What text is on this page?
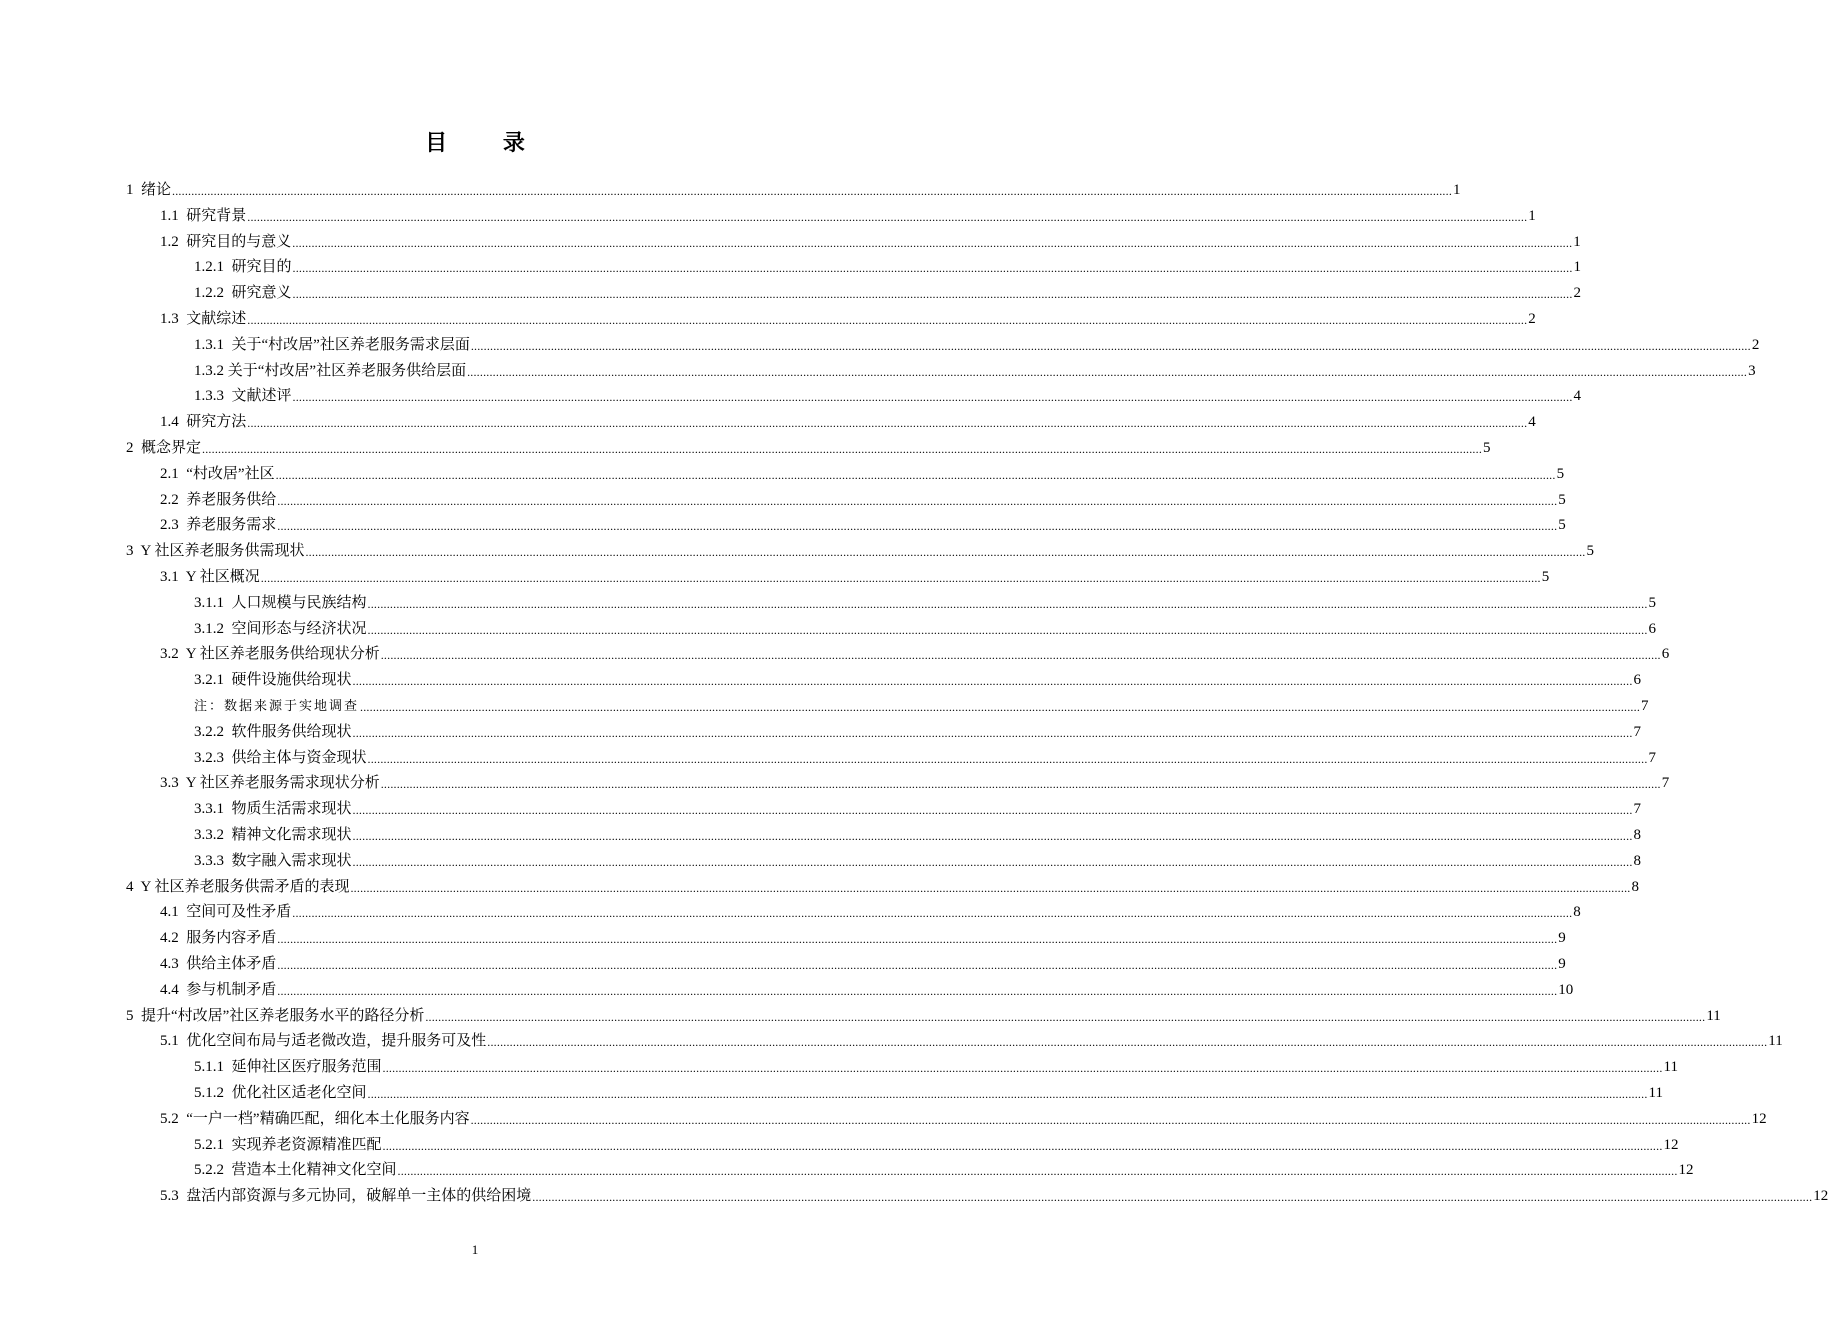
目 录
1  绪论 ................................................................................................................................................................................................................................................................................................................................................................................................................ 1
1.1  研究背景 ................................................................................................................................................................................................................................................................................................................................................................................................................ 1
1.2  研究目的与意义 ................................................................................................................................................................................................................................................................................................................................................................................................................ 1
1.2.1  研究目的 ................................................................................................................................................................................................................................................................................................................................................................................................................ 1
1.2.2  研究意义 ................................................................................................................................................................................................................................................................................................................................................................................................................ 2
1.3  文献综述 ................................................................................................................................................................................................................................................................................................................................................................................................................ 2
1.3.1  关于“村改居”社区养老服务需求层面 ................................................................................................................................................................................................................................................................................................................................................................................................................ 2
1.3.2 关于“村改居”社区养老服务供给层面 ................................................................................................................................................................................................................................................................................................................................................................................................................ 3
1.3.3  文献述评 ................................................................................................................................................................................................................................................................................................................................................................................................................ 4
1.4  研究方法 ................................................................................................................................................................................................................................................................................................................................................................................................................ 4
2  概念界定 ................................................................................................................................................................................................................................................................................................................................................................................................................ 5
2.1  “村改居”社区 ................................................................................................................................................................................................................................................................................................................................................................................................................ 5
2.2  养老服务供给 ................................................................................................................................................................................................................................................................................................................................................................................................................ 5
2.3  养老服务需求 ................................................................................................................................................................................................................................................................................................................................................................................................................ 5
3  Y 社区养老服务供需现状 ................................................................................................................................................................................................................................................................................................................................................................................................................ 5
3.1  Y 社区概况 ................................................................................................................................................................................................................................................................................................................................................................................................................ 5
3.1.1  人口规模与民族结构 ................................................................................................................................................................................................................................................................................................................................................................................................................ 5
3.1.2  空间形态与经济状况 ................................................................................................................................................................................................................................................................................................................................................................................................................ 6
3.2  Y 社区养老服务供给现状分析 ................................................................................................................................................................................................................................................................................................................................................................................................................ 6
3.2.1  硬件设施供给现状 ................................................................................................................................................................................................................................................................................................................................................................................................................ 6
注：数据来源于实地调查 ................................................................................................................................................................................................................................................................................................................................................................................................................ 7
3.2.2  软件服务供给现状 ................................................................................................................................................................................................................................................................................................................................................................................................................ 7
3.2.3  供给主体与资金现状 ................................................................................................................................................................................................................................................................................................................................................................................................................ 7
3.3  Y 社区养老服务需求现状分析 ................................................................................................................................................................................................................................................................................................................................................................................................................ 7
3.3.1  物质生活需求现状 ................................................................................................................................................................................................................................................................................................................................................................................................................ 7
3.3.2  精神文化需求现状 ................................................................................................................................................................................................................................................................................................................................................................................................................ 8
3.3.3  数字融入需求现状 ................................................................................................................................................................................................................................................................................................................................................................................................................ 8
4  Y 社区养老服务供需矛盾的表现 ................................................................................................................................................................................................................................................................................................................................................................................................................ 8
4.1  空间可及性矛盾 ................................................................................................................................................................................................................................................................................................................................................................................................................ 8
4.2  服务内容矛盾 ................................................................................................................................................................................................................................................................................................................................................................................................................ 9
4.3  供给主体矛盾 ................................................................................................................................................................................................................................................................................................................................................................................................................ 9
4.4  参与机制矛盾 ................................................................................................................................................................................................................................................................................................................................................................................................................ 10
5  提升“村改居”社区养老服务水平的路径分析 ................................................................................................................................................................................................................................................................................................................................................................................................................ 11
5.1  优化空间布局与适老微改造，提升服务可及性 ................................................................................................................................................................................................................................................................................................................................................................................................................ 11
5.1.1  延伸社区医疗服务范围 ................................................................................................................................................................................................................................................................................................................................................................................................................ 11
5.1.2  优化社区适老化空间 ................................................................................................................................................................................................................................................................................................................................................................................................................ 11
5.2  “一户一档”精确匹配，细化本土化服务内容 ................................................................................................................................................................................................................................................................................................................................................................................................................ 12
5.2.1  实现养老资源精准匹配 ................................................................................................................................................................................................................................................................................................................................................................................................................ 12
5.2.2  营造本土化精神文化空间 ................................................................................................................................................................................................................................................................................................................................................................................................................ 12
5.3  盘活内部资源与多元协同，破解单一主体的供给困境 ................................................................................................................................................................................................................................................................................................................................................................................................................ 12
1
